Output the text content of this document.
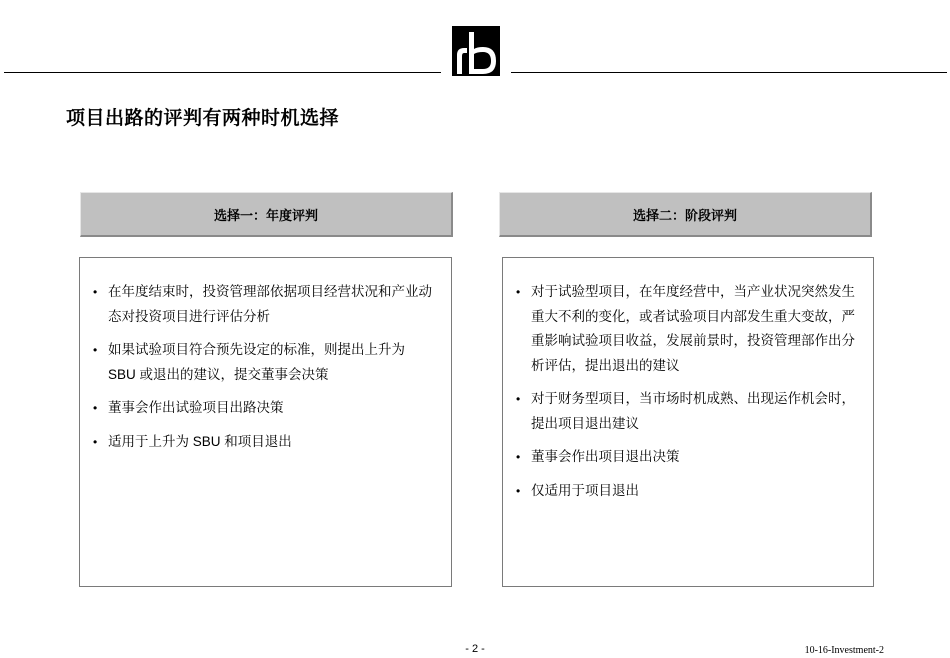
项目出路的评判有两种时机选择
选择一：年度评判	选择二：阶段评判
• 在年度结束时，投资管理部依据项目经营状况和产业动态对投资项目进行评估分析
• 如果试验项目符合预先设定的标准，则提出上升为 SBU 或退出的建议，提交董事会决策
• 董事会作出试验项目出路决策
• 适用于上升为 SBU 和项目退出
• 对于试验型项目，在年度经营中，当产业状况突然发生重大不利的变化，或者试验项目内部发生重大变故，严重影响试验项目收益，发展前景时，投资管理部作出分析评估，提出退出的建议
• 对于财务型项目，当市场时机成熟、出现运作机会时，提出项目退出建议
• 董事会作出项目退出决策
• 仅适用于项目退出
- 2 -	10-16-Investment-2
